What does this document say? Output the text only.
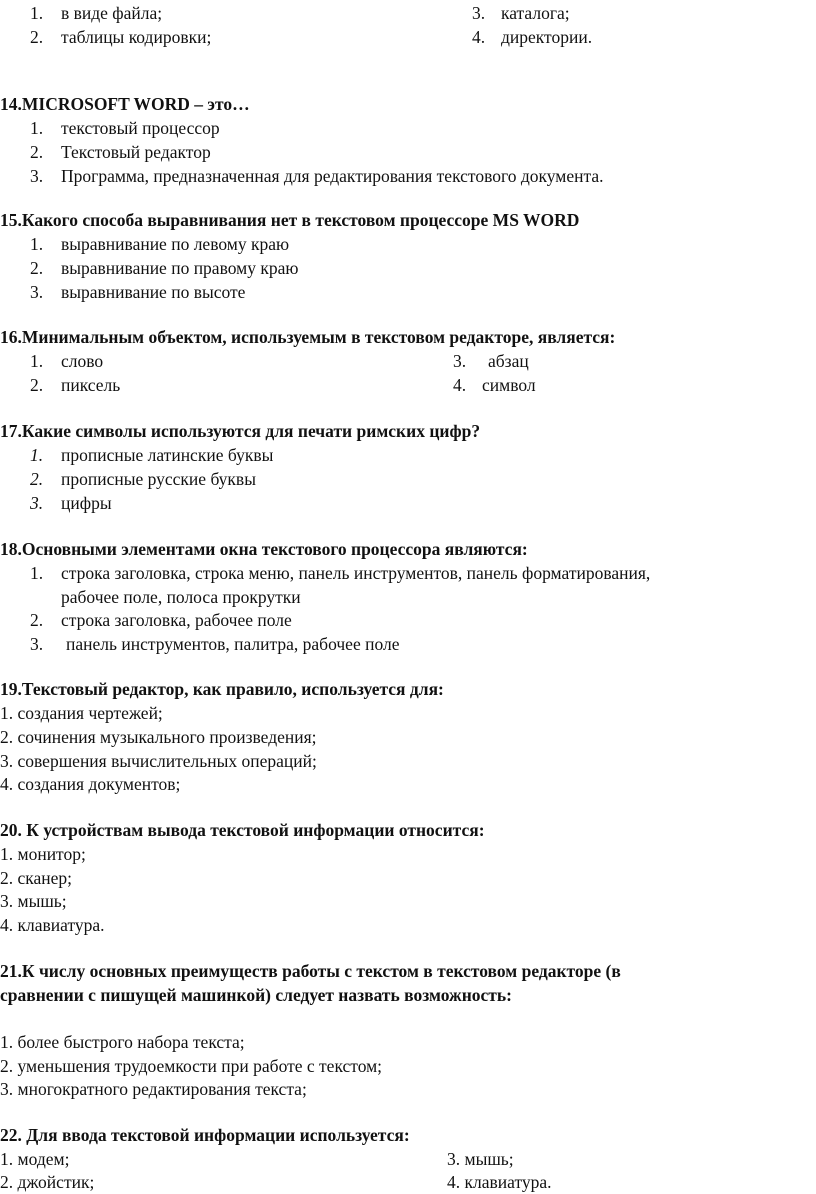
1. в виде файла;
2. таблицы кодировки;
3. каталога;
4. директории.
14.MICROSOFT WORD – это…
1. текстовый процессор
2. Текстовый редактор
3. Программа, предназначенная для редактирования текстового документа.
15.Какого способа выравнивания нет в текстовом процессоре MS WORD
1. выравнивание по левому краю
2. выравнивание по правому краю
3. выравнивание по высоте
16.Минимальным объектом, используемым в текстовом редакторе, является:
1. слово
2. пиксель
3. абзац
4. символ
17.Какие символы используются для печати римских цифр?
1. прописные латинские буквы
2. прописные русские буквы
3. цифры
18.Основными элементами окна текстового процессора являются:
1. строка заголовка, строка меню, панель инструментов, панель форматирования,
рабочее поле, полоса прокрутки
2. строка заголовка, рабочее поле
3. панель инструментов, палитра, рабочее поле
19.Текстовый редактор, как правило, используется для:
1. создания чертежей;
2. сочинения музыкального произведения;
3. совершения вычислительных операций;
4. создания документов;
20. К устройствам вывода текстовой информации относится:
1. монитор;
2. сканер;
3. мышь;
4. клавиатура.
21.К числу основных преимуществ работы с текстом в текстовом редакторе (в
сравнении с пишущей машинкой) следует назвать возможность:
1. более быстрого набора текста;
2. уменьшения трудоемкости при работе с текстом;
3. многократного редактирования текста;
22. Для ввода текстовой информации используется:
1. модем;
2. джойстик;
3. мышь;
4. клавиатура.
